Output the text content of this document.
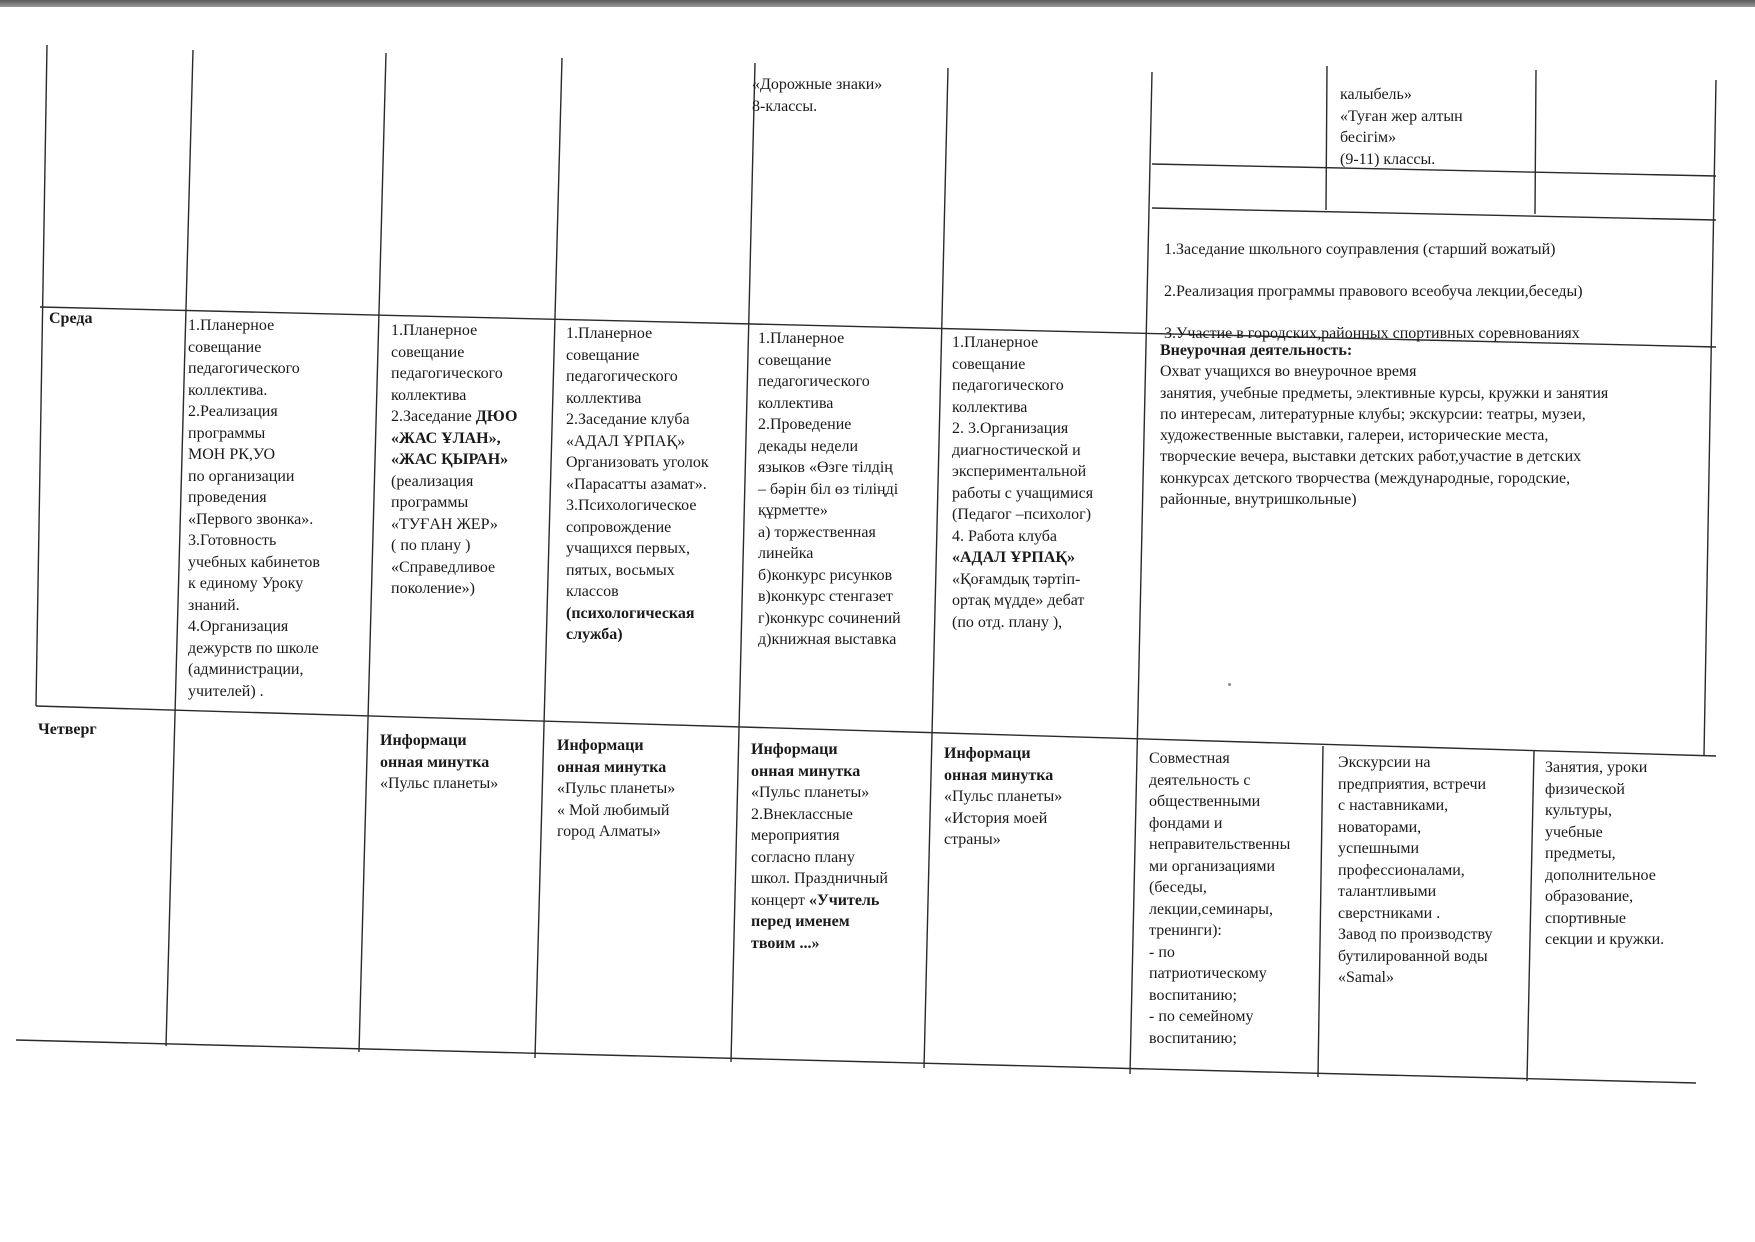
«Дорожные знаки»
8-классы.
калыбель»
«Туған жер алтын
бесігім»
(9-11) классы.

1.Заседание школьного соуправления (старший вожатый)

2.Реализация программы правового всеобуча лекции,беседы)

3.Участие в городских,районных спортивных соревнованиях

Среда	1.Планерное
совещание
педагогического
коллектива.
2.Реализация
программы
МОН РК,УО
по организации
проведения
«Первого звонка».
3.Готовность
учебных кабинетов
к единому Уроку
знаний.
4.Организация
дежурств по школе
(администрации,
учителей) .
1.Планерное
совещание
педагогического
коллектива
2.Заседание ДЮО
«ЖАС ҰЛАН»,
«ЖАС ҚЫРАН»
(реализация
программы
«ТУҒАН ЖЕР»
( по плану )
«Справедливое
поколение»)
1.Планерное
совещание
педагогического
коллектива
2.Заседание клуба
«АДАЛ ҰРПАҚ»
Организовать уголок
«Парасатты азамат».
3.Психологическое
сопровождение
учащихся первых,
пятых, восьмых
классов
(психологическая
служба)
1.Планерное
совещание
педагогического
коллектива
2.Проведение
декады недели
языков «Өзге тілдің
– бәрін біл өз тіліңді
құрметте»
а) торжественная
линейка
б)конкурс рисунков
в)конкурс стенгазет
г)конкурс сочинений
д)книжная выставка
1.Планерное
совещание
педагогического
коллектива
2. 3.Организация
диагностической и
экспериментальной
работы с учащимися
(Педагог –психолог)
4. Работа клуба
«АДАЛ ҰРПАҚ»
«Қоғамдық тәртіп-
ортақ мүдде» дебат
(по отд. плану ),
Внеурочная деятельность:
Охват учащихся во внеурочное время
занятия, учебные предметы, элективные курсы, кружки и занятия
по интересам, литературные клубы; экскурсии: театры, музеи,
художественные выставки, галереи, исторические места,
творческие вечера, выставки детских работ,участие в детских
конкурсах детского творчества (международные, городские,
районные, внутришкольные)
Четверг
Информаци
онная минутка
«Пульс планеты»
Информаци
онная минутка
«Пульс планеты»
« Мой любимый
город Алматы»
Информаци
онная минутка
«Пульс планеты»
2.Внеклассные
мероприятия
согласно плану
школ. Праздничный
концерт «Учитель
перед именем
твоим ...»
Информаци
онная минутка
«Пульс планеты»
«История моей
страны»
Совместная
деятельность с
общественными
фондами и
неправительственны
ми организациями
(беседы,
лекции,семинары,
тренинги):
- по
патриотическому
воспитанию;
- по семейному
воспитанию;
Экскурсии на
предприятия, встречи
с наставниками,
новаторами,
успешными
профессионалами,
талантливыми
сверстниками .
Завод по производству
бутилированной воды
«Samal»
Занятия, уроки
физической
культуры,
учебные
предметы,
дополнительное
образование,
спортивные
секции и кружки.
